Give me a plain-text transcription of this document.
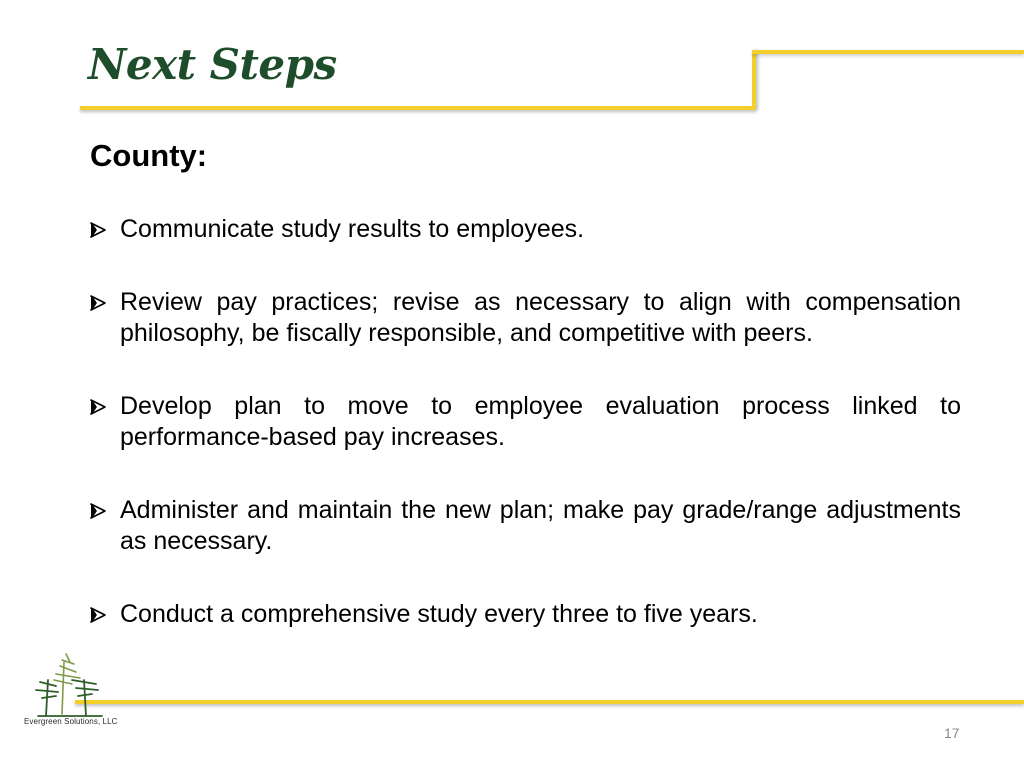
Next Steps
County:
Communicate study results to employees.
Review pay practices; revise as necessary to align with compensation philosophy, be fiscally responsible, and competitive with peers.
Develop plan to move to employee evaluation process linked to performance-based pay increases.
Administer and maintain the new plan; make pay grade/range adjustments as necessary.
Conduct a comprehensive study every three to five years.

Evergreen Solutions, LLC

17
